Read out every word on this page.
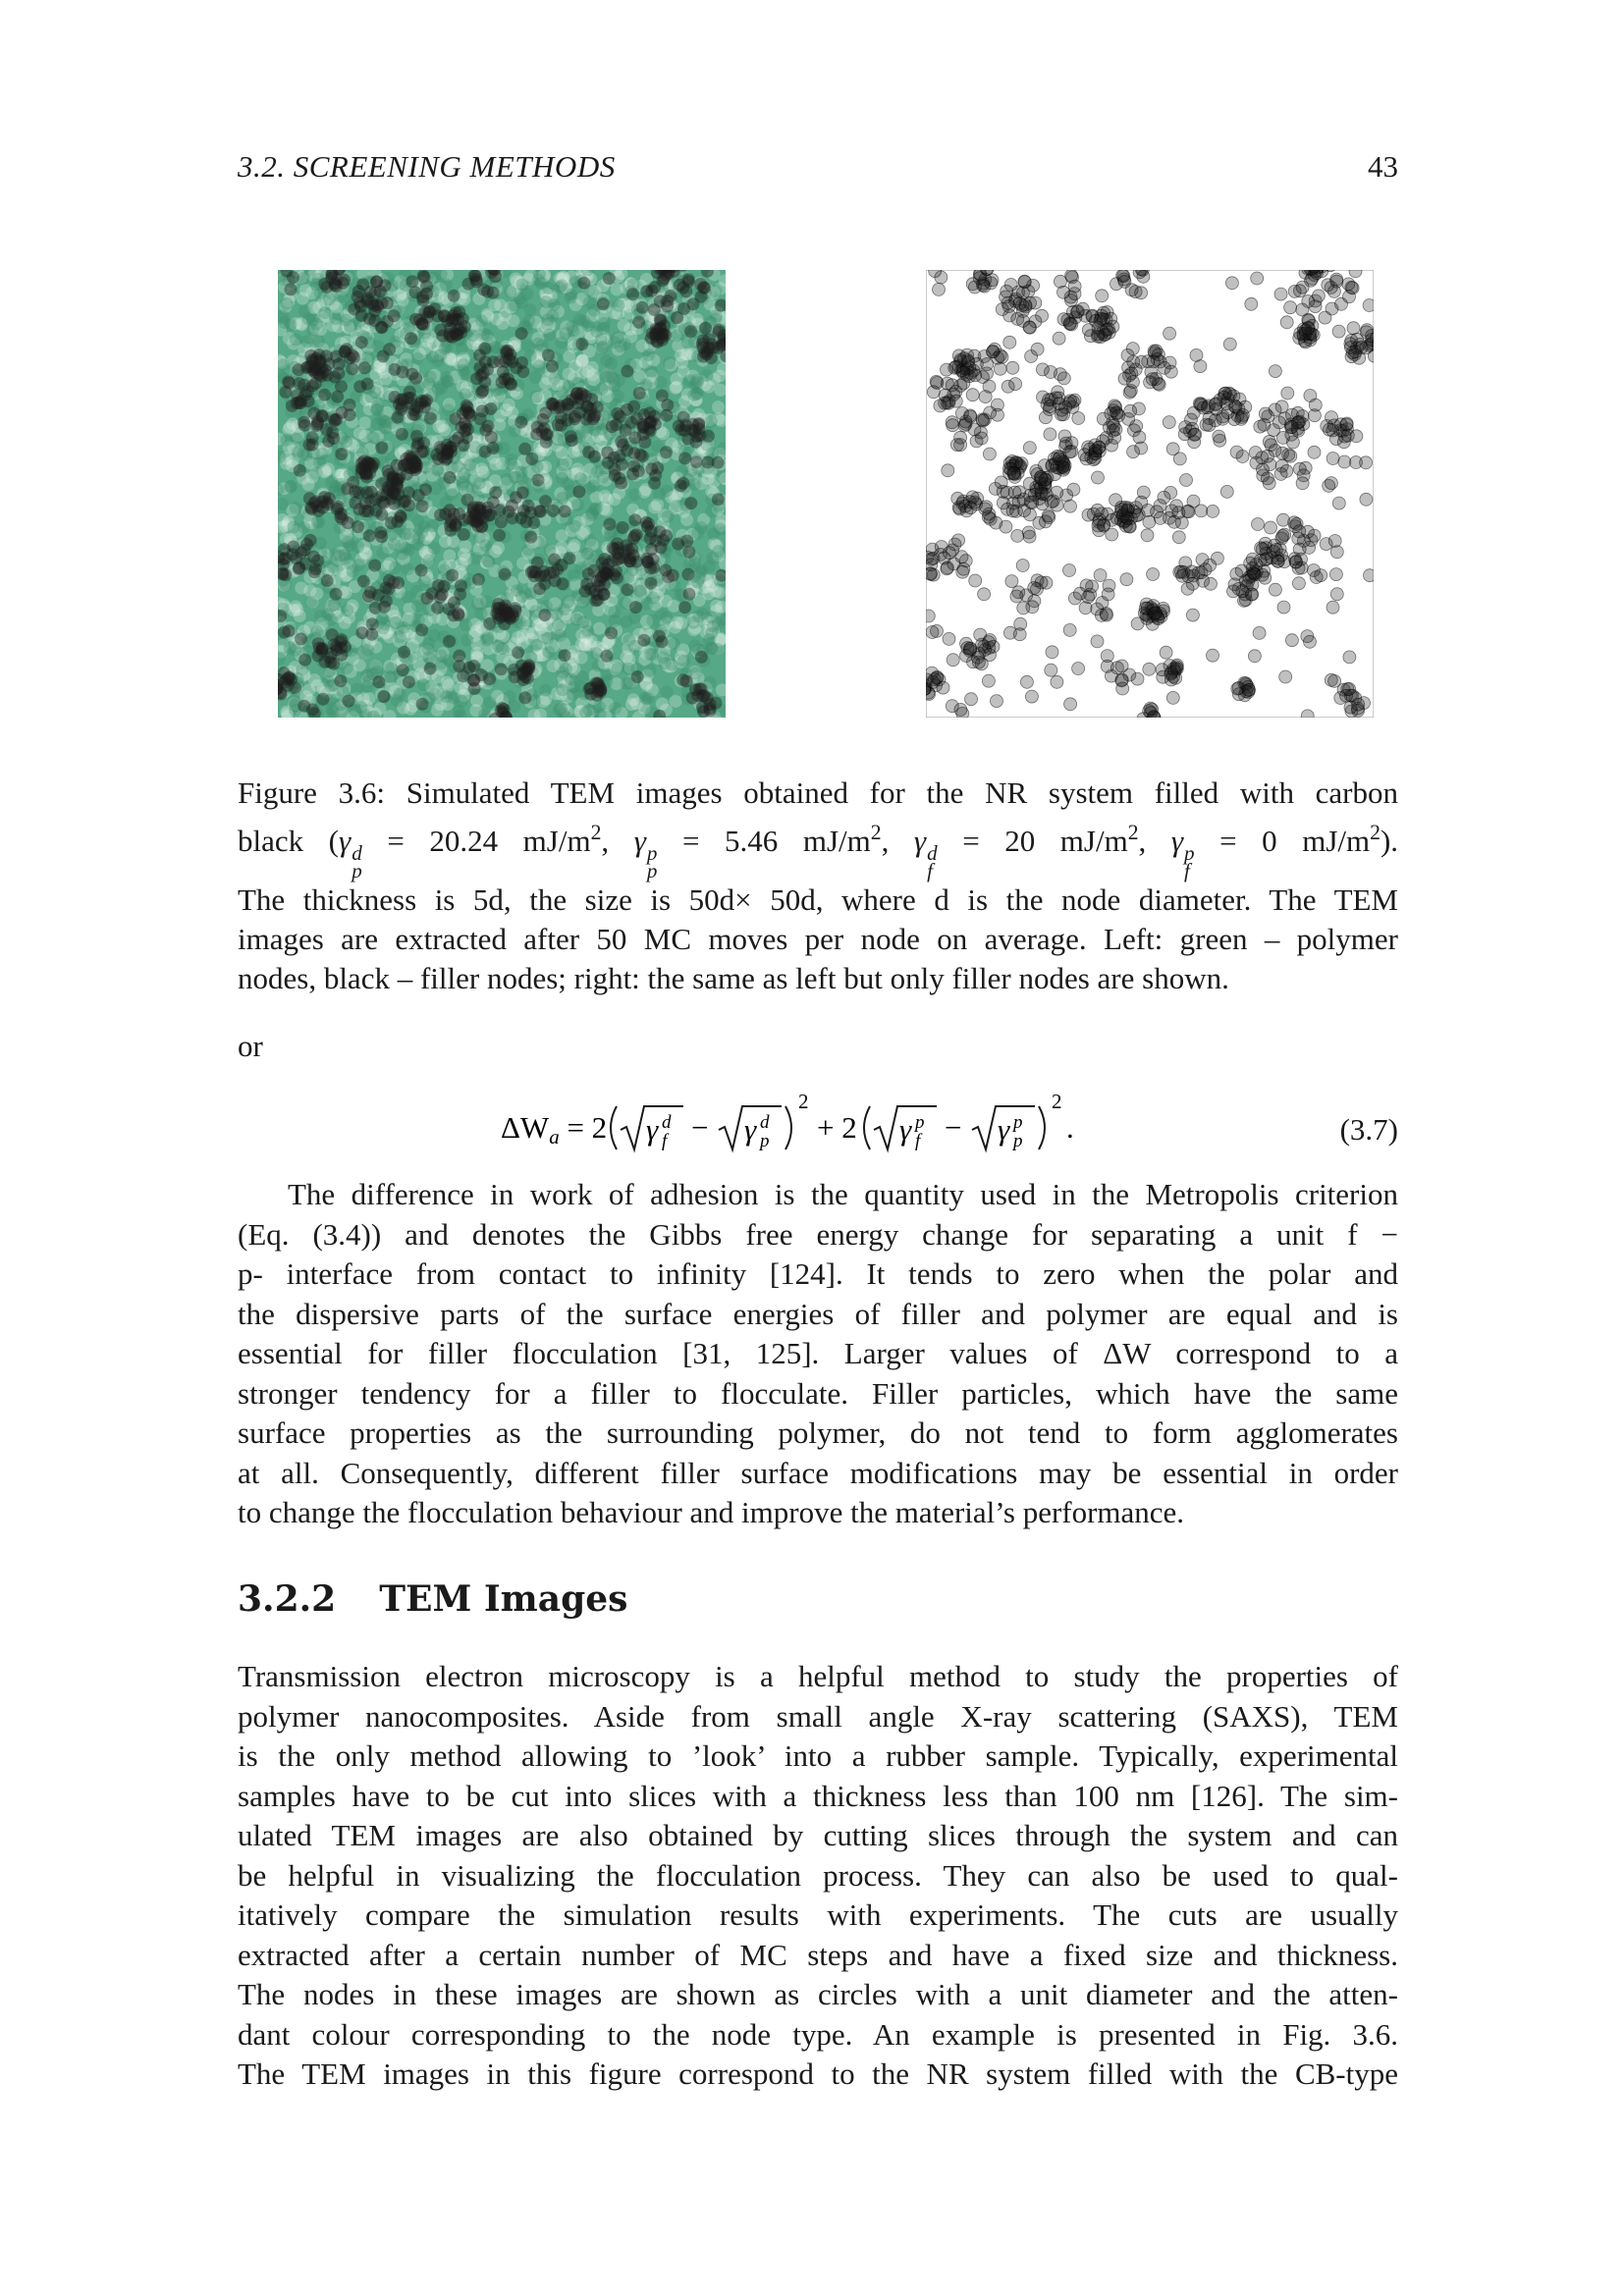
3.2. SCREENING METHODS	43
Figure 3.6: Simulated TEM images obtained for the NR system filled with carbon
black (γ d
p
= 20.24 $mJ/m^2$, γ p
p
= 5.46 $mJ/m^2$, γ d
f
= 20 $mJ/m^2$, γ p
f
= 0 $mJ/m^2$).
The thickness is 5d, the size is 50d× 50d, where d is the node diameter. The TEM
images are extracted after 50 MC moves per node on average. Left: green – polymer
nodes, black – filler nodes; right: the same as left but only filler nodes are shown.
or
ΔWa = 2 γ d
f − γ d
p
2
+ 2 γ p
f − γ p
p
2
.	(3.7)
The difference in work of adhesion is the quantity used in the Metropolis criterion
(Eq. (3.4)) and denotes the Gibbs free energy change for separating a unit f −
p- interface from contact to infinity [124]. It tends to zero when the polar and
the dispersive parts of the surface energies of filler and polymer are equal and is
essential for filler flocculation [31, 125]. Larger values of ΔW correspond to a
stronger tendency for a filler to flocculate. Filler particles, which have the same
surface properties as the surrounding polymer, do not tend to form agglomerates
at all. Consequently, different filler surface modifications may be essential in order
to change the flocculation behaviour and improve the material’s performance.
3.2.2 TEM Images
Transmission electron microscopy is a helpful method to study the properties of
polymer nanocomposites. Aside from small angle X-ray scattering (SAXS), TEM
is the only method allowing to ’look’ into a rubber sample. Typically, experimental
samples have to be cut into slices with a thickness less than 100 nm [126]. The sim-
ulated TEM images are also obtained by cutting slices through the system and can
be helpful in visualizing the flocculation process. They can also be used to qual-
itatively compare the simulation results with experiments. The cuts are usually
extracted after a certain number of MC steps and have a fixed size and thickness.
The nodes in these images are shown as circles with a unit diameter and the atten-
dant colour corresponding to the node type. An example is presented in Fig. 3.6.
The TEM images in this figure correspond to the NR system filled with the CB-type
